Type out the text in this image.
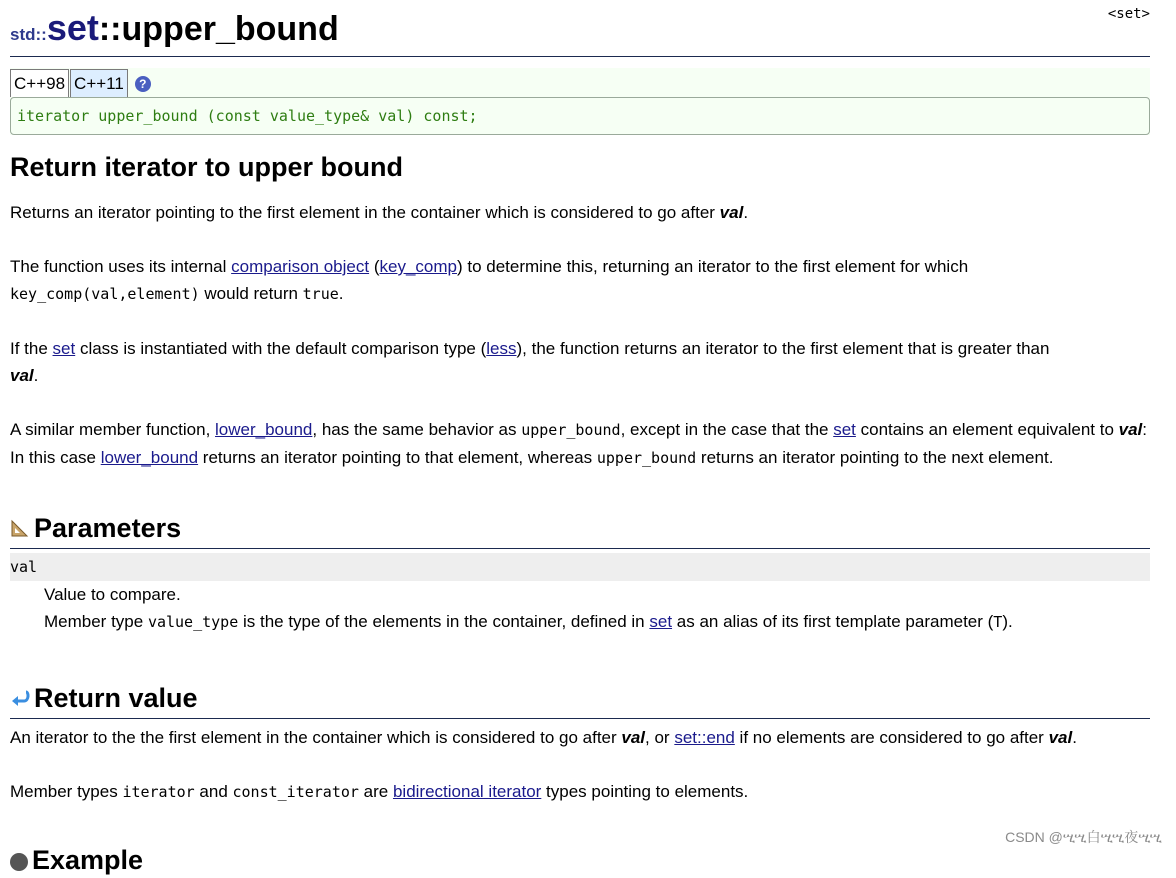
std::set::upper_bound	<set>
C++98 C++11	?
iterator upper_bound (const value_type& val) const;
Return iterator to upper bound

Returns an iterator pointing to the first element in the container which is considered to go after val.

The function uses its internal comparison object (key_comp) to determine this, returning an iterator to the first element for which
key_comp(val,element) would return true.

If the set class is instantiated with the default comparison type (less), the function returns an iterator to the first element that is greater than
val.

A similar member function, lower_bound, has the same behavior as upper_bound, except in the case that the set contains an element equivalent to val: In this case lower_bound returns an iterator pointing to that element, whereas upper_bound returns an iterator pointing to the next element.

Parameters
val

Value to compare.

Member type value_type is the type of the elements in the container, defined in set as an alias of its first template parameter (T).

Return value

An iterator to the the first element in the container which is considered to go after val, or set::end if no elements are considered to go after val.

Member types iterator and const_iterator are bidirectional iterator types pointing to elements.

Example
CSDN @ሢሢ白ሢሢ夜ሢሢ
